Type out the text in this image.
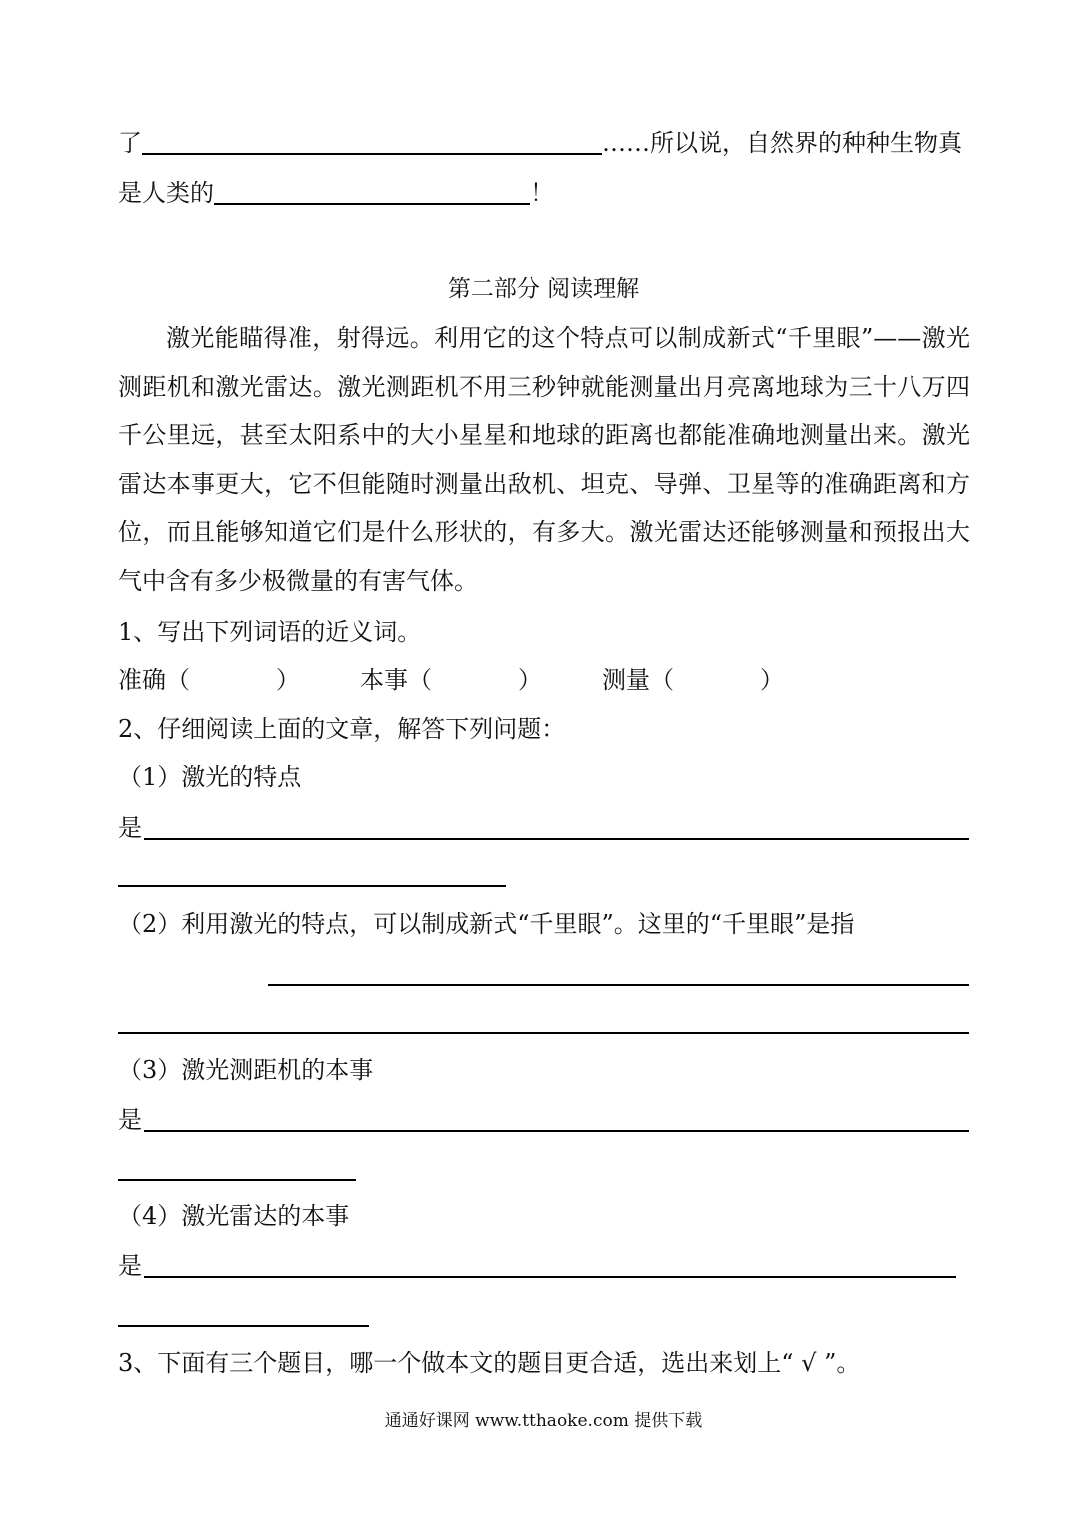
了	……所以说，自然界的种种生物真
是人类的	！
第二部分 阅读理解
激光能瞄得准，射得远。利用它的这个特点可以制成新式“千里眼”——激光测距机和激光雷达。激光测距机不用三秒钟就能测量出月亮离地球为三十八万四千公里远，甚至太阳系中的大小星星和地球的距离也都能准确地测量出来。激光雷达本事更大，它不但能随时测量出敌机、坦克、导弹、卫星等的准确距离和方位，而且能够知道它们是什么形状的，有多大。激光雷达还能够测量和预报出大气中含有多少极微量的有害气体。
1、写出下列词语的近义词。
准确（	）	本事（	）	测量（	）
2、仔细阅读上面的文章，解答下列问题：
（1）激光的特点
是
（2）利用激光的特点，可以制成新式“千里眼”。这里的“千里眼”是指
（3）激光测距机的本事
是
（4）激光雷达的本事
是
3、下面有三个题目，哪一个做本文的题目更合适，选出来划上“ √ ”。
通通好课网 www.tthaoke.com 提供下载
